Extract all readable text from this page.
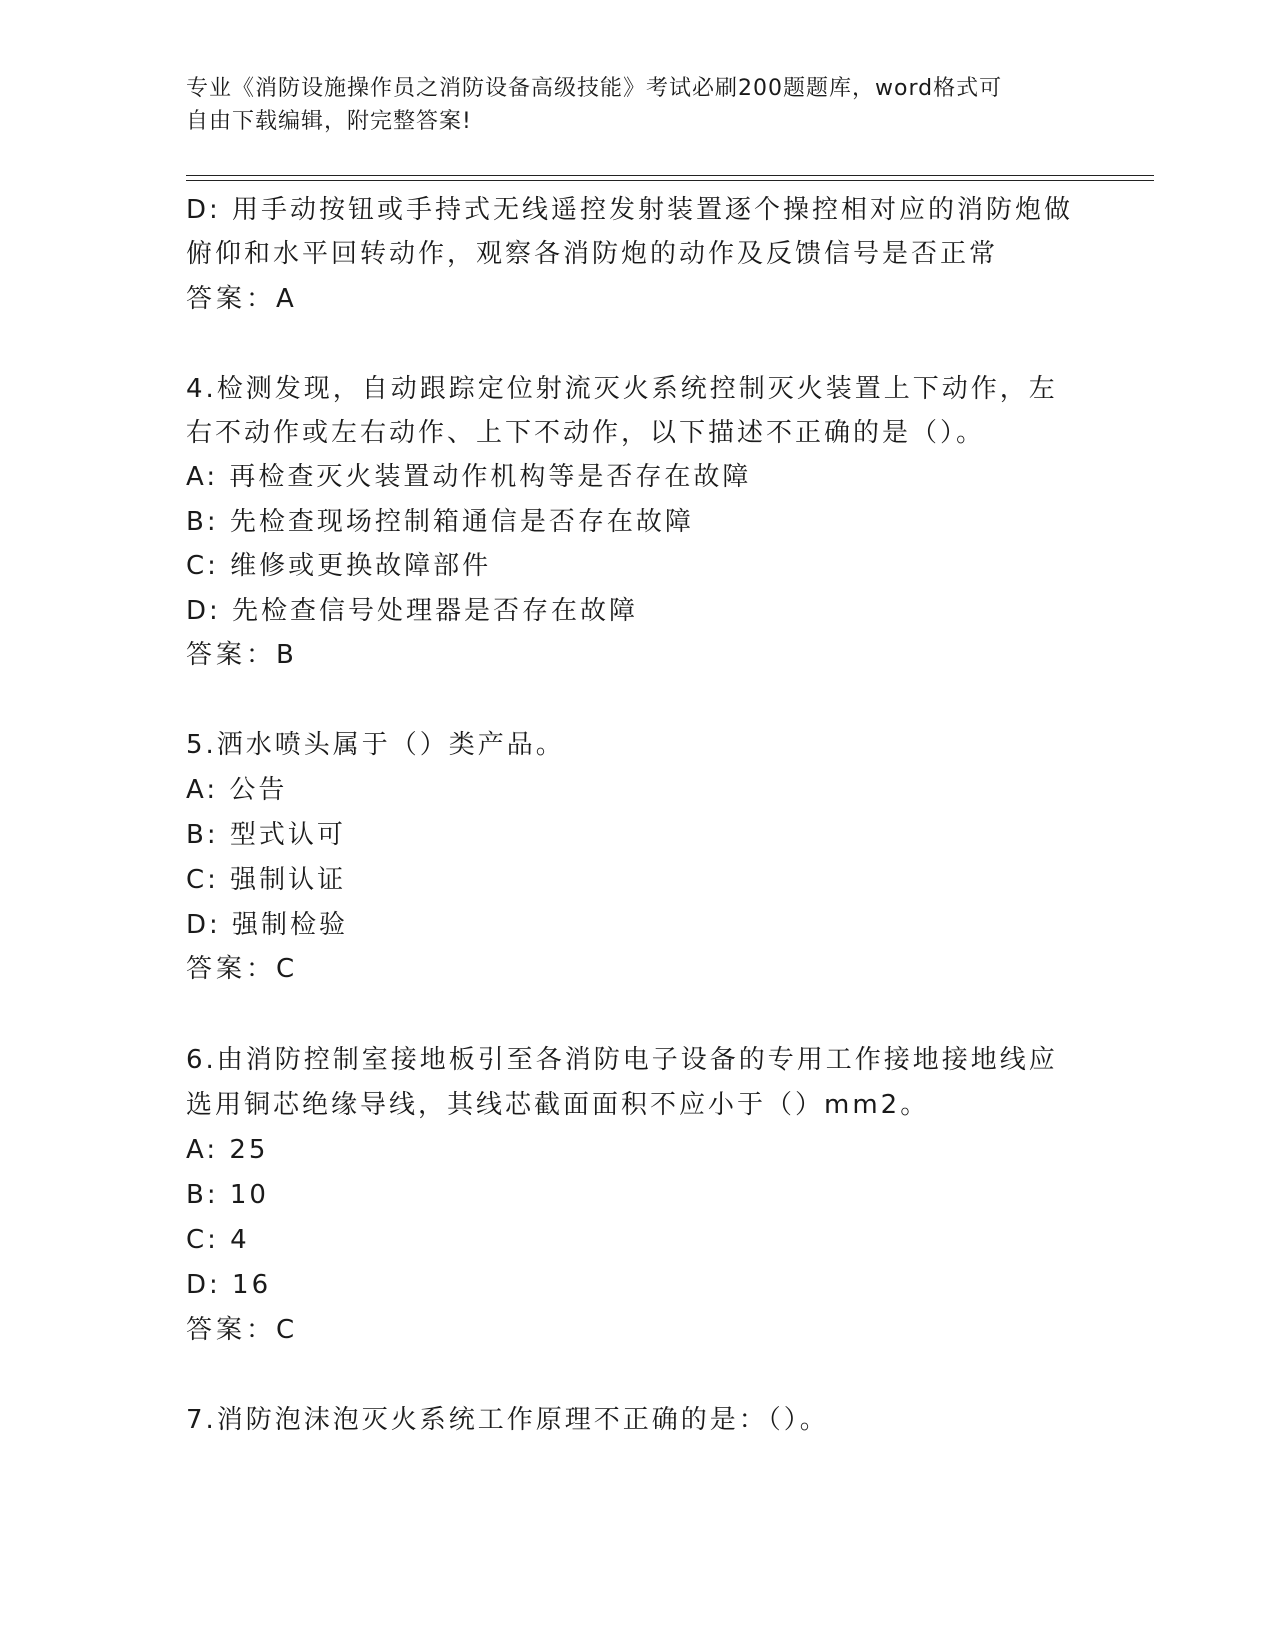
专业《消防设施操作员之消防设备高级技能》考试必刷200题题库，word格式可
自由下载编辑，附完整答案!
D: 用手动按钮或手持式无线遥控发射装置逐个操控相对应的消防炮做
俯仰和水平回转动作，观察各消防炮的动作及反馈信号是否正常
答案：A
4.检测发现，自动跟踪定位射流灭火系统控制灭火装置上下动作，左
右不动作或左右动作、上下不动作，以下描述不正确的是（）。
A: 再检查灭火装置动作机构等是否存在故障
B: 先检查现场控制箱通信是否存在故障
C: 维修或更换故障部件
D: 先检查信号处理器是否存在故障
答案：B
5.洒水喷头属于（）类产品。
A: 公告
B: 型式认可
C: 强制认证
D: 强制检验
答案：C
6.由消防控制室接地板引至各消防电子设备的专用工作接地接地线应
选用铜芯绝缘导线，其线芯截面面积不应小于（）mm2。
A: 25
B: 10
C: 4
D: 16
答案：C
7.消防泡沫泡灭火系统工作原理不正确的是：（）。
